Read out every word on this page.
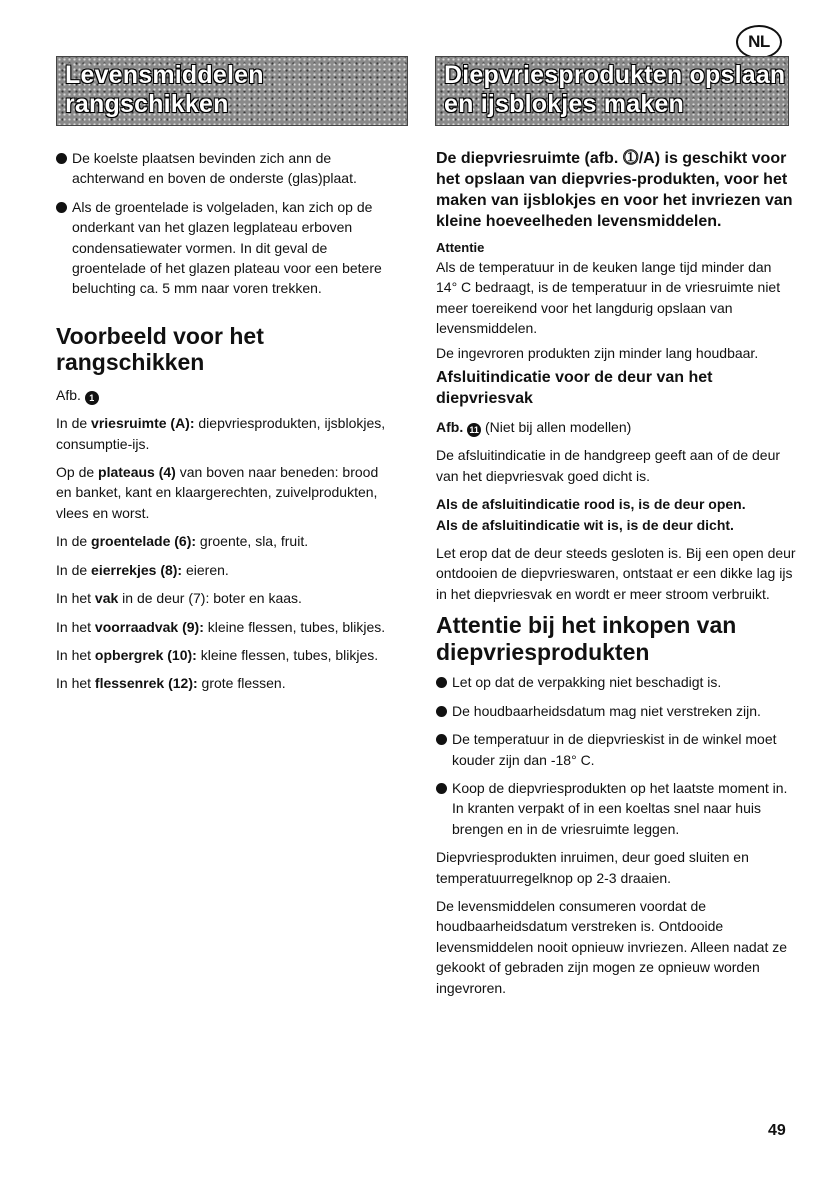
NL
Levensmiddelen
rangschikken
Diepvriesprodukten opslaan
en ijsblokjes maken
De koelste plaatsen bevinden zich ann de achterwand en boven de onderste (glas)plaat.
Als de groentelade is volgeladen, kan zich op de onderkant van het glazen legplateau erboven condensatiewater vormen. In dit geval de groentelade of het glazen plateau voor een betere beluchting ca. 5 mm naar voren trekken.
Voorbeeld voor het rangschikken

Afb. 1

In de vriesruimte (A): diepvriesprodukten, ijsblokjes, consumptie-ijs.

Op de plateaus (4) van boven naar beneden: brood en banket, kant en klaargerechten, zuivelprodukten, vlees en worst.

In de groentelade (6): groente, sla, fruit.

In de eierrekjes (8): eieren.

In het vak in de deur (7): boter en kaas.

In het voorraadvak (9): kleine flessen, tubes, blikjes.

In het opbergrek (10): kleine flessen, tubes, blikjes.

In het flessenrek (12): grote flessen.

De diepvriesruimte (afb. ⓵/A) is geschikt voor het opslaan van diepvries-produkten, voor het maken van ijsblokjes en voor het invriezen van kleine hoeveelheden levensmiddelen.

Attentie

Als de temperatuur in de keuken lange tijd minder dan 14° C bedraagt, is de temperatuur in de vriesruimte niet meer toereikend voor het langdurig opslaan van levensmiddelen.

De ingevroren produkten zijn minder lang houdbaar.

Afsluitindicatie voor de deur van het diepvriesvak

Afb. 11 (Niet bij allen modellen)

De afsluitindicatie in de handgreep geeft aan of de deur van het diepvriesvak goed dicht is.

Als de afsluitindicatie rood is, is de deur open.

Als de afsluitindicatie wit is, is de deur dicht.

Let erop dat de deur steeds gesloten is. Bij een open deur ontdooien de diepvrieswaren, ontstaat er een dikke lag ijs in het diepvriesvak en wordt er meer stroom verbruikt.

Attentie bij het inkopen van diepvriesprodukten
Let op dat de verpakking niet beschadigt is.
De houdbaarheidsdatum mag niet verstreken zijn.
De temperatuur in de diepvrieskist in de winkel moet kouder zijn dan -18° C.
Koop de diepvriesprodukten op het laatste moment in. In kranten verpakt of in een koeltas snel naar huis brengen en in de vriesruimte leggen.

Diepvriesprodukten inruimen, deur goed sluiten en temperatuurregelknop op 2-3 draaien.

De levensmiddelen consumeren voordat de houdbaarheidsdatum verstreken is. Ontdooide levensmiddelen nooit opnieuw invriezen. Alleen nadat ze gekookt of gebraden zijn mogen ze opnieuw worden ingevroren.

49
